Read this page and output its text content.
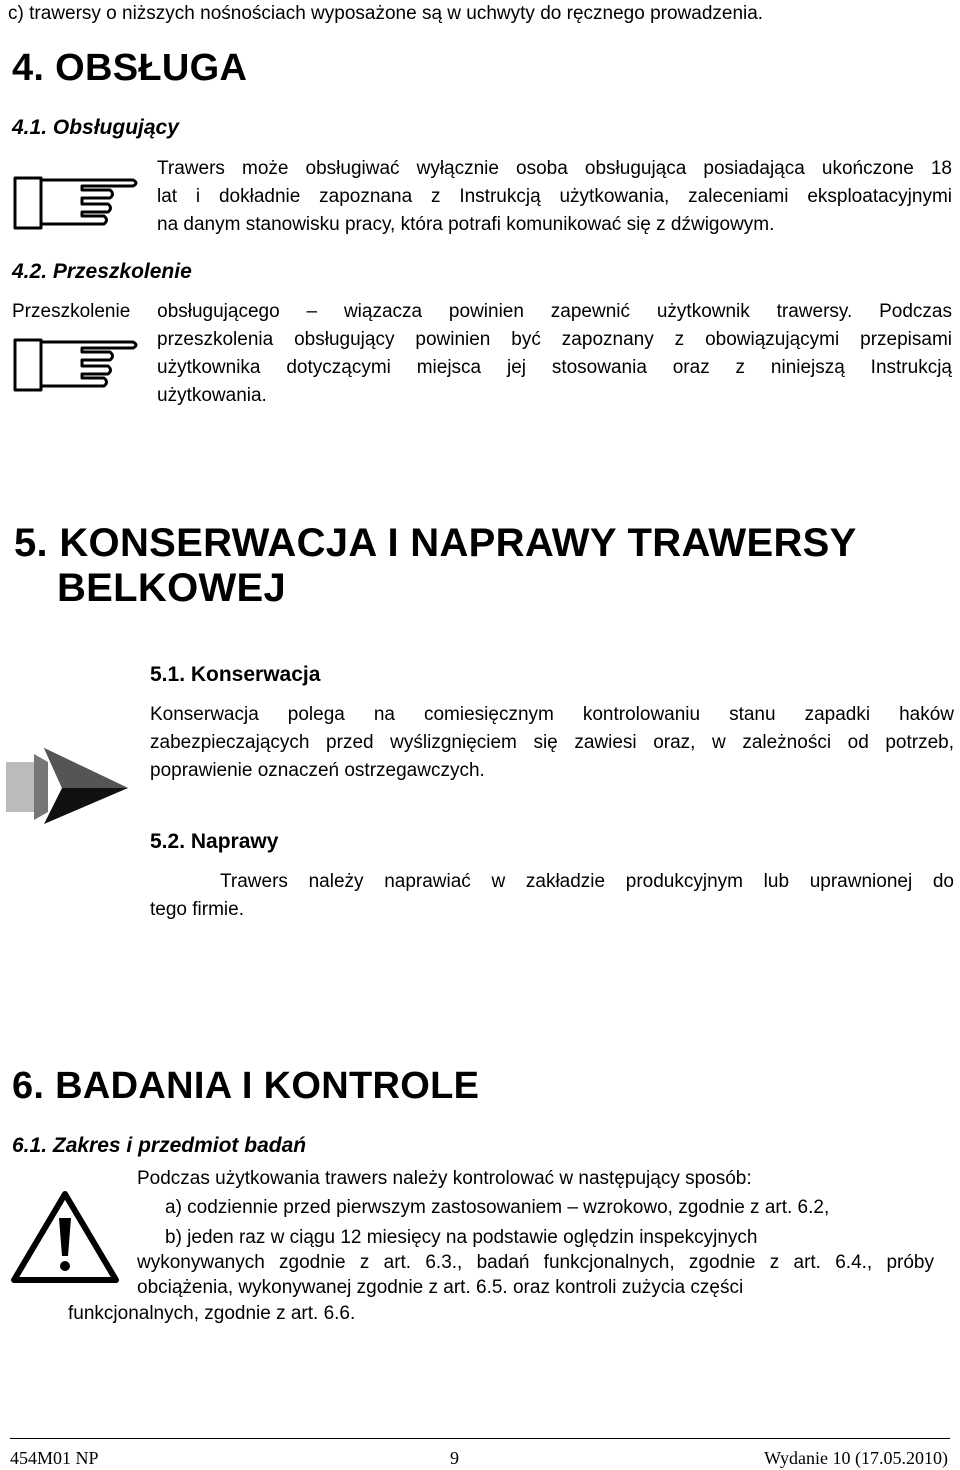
c) trawersy o niższych nośnościach wyposażone są w uchwyty do ręcznego prowadzenia.
4. OBSŁUGA
4.1. Obsługujący
Trawers może obsługiwać wyłącznie osoba obsługująca posiadająca ukończone 18
lat i dokładnie zapoznana z Instrukcją użytkowania, zaleceniami eksploatacyjnymi
na danym stanowisku pracy, która potrafi komunikować się z dźwigowym.
4.2. Przeszkolenie
Przeszkolenie obsługującego – wiązacza powinien zapewnić użytkownik trawersy. Podczas
przeszkolenia obsługujący powinien być zapoznany z obowiązującymi przepisami
użytkownika dotyczącymi miejsca jej stosowania oraz z niniejszą Instrukcją
użytkowania.
5. KONSERWACJA I NAPRAWY TRAWERSY
BELKOWEJ
5.1. Konserwacja
Konserwacja polega na comiesięcznym kontrolowaniu stanu zapadki haków
zabezpieczających przed wyślizgnięciem się zawiesi oraz, w zależności od potrzeb,
poprawienie oznaczeń ostrzegawczych.
5.2. Naprawy
Trawers należy naprawiać w zakładzie produkcyjnym lub uprawnionej do
tego firmie.
6. BADANIA I KONTROLE
6.1. Zakres i przedmiot badań
Podczas użytkowania trawers należy kontrolować w następujący sposób:
a) codziennie przed pierwszym zastosowaniem – wzrokowo, zgodnie z art. 6.2,
b) jeden raz w ciągu 12 miesięcy na podstawie oględzin inspekcyjnych
wykonywanych zgodnie z art. 6.3., badań funkcjonalnych, zgodnie z art. 6.4., próby
obciążenia, wykonywanej zgodnie z art. 6.5. oraz kontroli zużycia części
funkcjonalnych, zgodnie z art. 6.6.
454M01 NP	9	Wydanie 10 (17.05.2010)
